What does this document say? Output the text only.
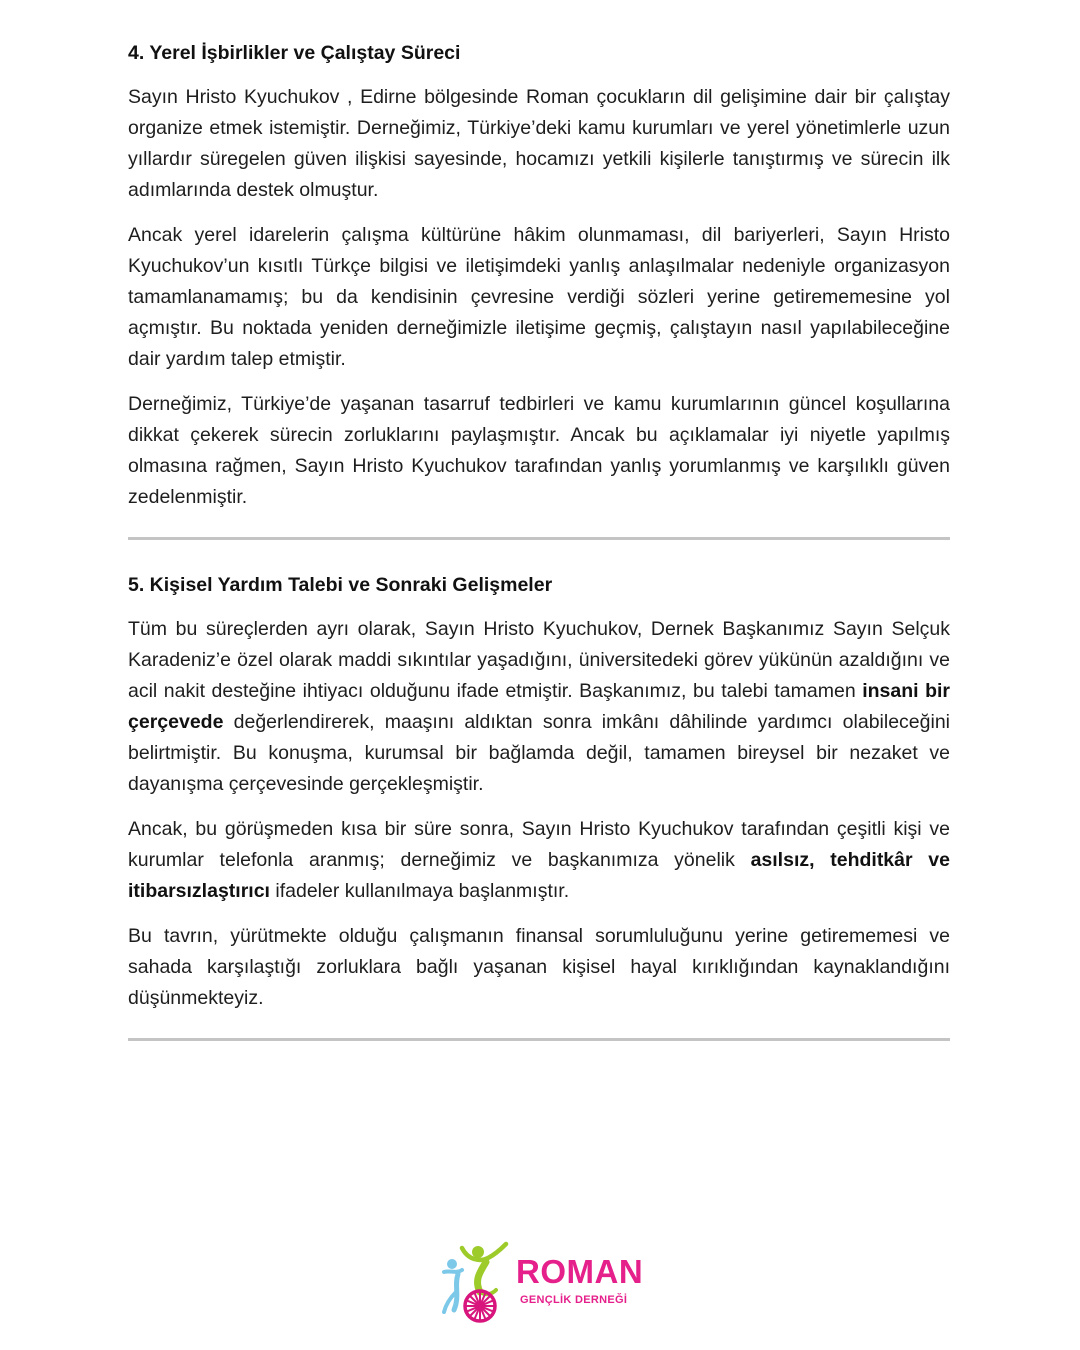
4. Yerel İşbirlikler ve Çalıştay Süreci

Sayın Hristo Kyuchukov , Edirne bölgesinde Roman çocukların dil gelişimine dair bir çalıştay organize etmek istemiştir. Derneğimiz, Türkiye’deki kamu kurumları ve yerel yönetimlerle uzun yıllardır süregelen güven ilişkisi sayesinde, hocamızı yetkili kişilerle tanıştırmış ve sürecin ilk adımlarında destek olmuştur.

Ancak yerel idarelerin çalışma kültürüne hâkim olunmaması, dil bariyerleri, Sayın Hristo Kyuchukov’un kısıtlı Türkçe bilgisi ve iletişimdeki yanlış anlaşılmalar nedeniyle organizasyon tamamlanamamış; bu da kendisinin çevresine verdiği sözleri yerine getirememesine yol açmıştır. Bu noktada yeniden derneğimizle iletişime geçmiş, çalıştayın nasıl yapılabileceğine dair yardım talep etmiştir.

Derneğimiz, Türkiye’de yaşanan tasarruf tedbirleri ve kamu kurumlarının güncel koşullarına dikkat çekerek sürecin zorluklarını paylaşmıştır. Ancak bu açıklamalar iyi niyetle yapılmış olmasına rağmen, Sayın Hristo Kyuchukov tarafından yanlış yorumlanmış ve karşılıklı güven zedelenmiştir.

5. Kişisel Yardım Talebi ve Sonraki Gelişmeler

Tüm bu süreçlerden ayrı olarak, Sayın Hristo Kyuchukov, Dernek Başkanımız Sayın Selçuk Karadeniz’e özel olarak maddi sıkıntılar yaşadığını, üniversitedeki görev yükünün azaldığını ve acil nakit desteğine ihtiyacı olduğunu ifade etmiştir. Başkanımız, bu talebi tamamen insani bir çerçevede değerlendirerek, maaşını aldıktan sonra imkânı dâhilinde yardımcı olabileceğini belirtmiştir. Bu konuşma, kurumsal bir bağlamda değil, tamamen bireysel bir nezaket ve dayanışma çerçevesinde gerçekleşmiştir.

Ancak, bu görüşmeden kısa bir süre sonra, Sayın Hristo Kyuchukov tarafından çeşitli kişi ve kurumlar telefonla aranmış; derneğimiz ve başkanımıza yönelik asılsız, tehditkâr ve itibarsızlaştırıcı ifadeler kullanılmaya başlanmıştır.

Bu tavrın, yürütmekte olduğu çalışmanın finansal sorumluluğunu yerine getirememesi ve sahada karşılaştığı zorluklara bağlı yaşanan kişisel hayal kırıklığından kaynaklandığını düşünmekteyiz.

ROMAN
GENÇLİK DERNEĞİ
